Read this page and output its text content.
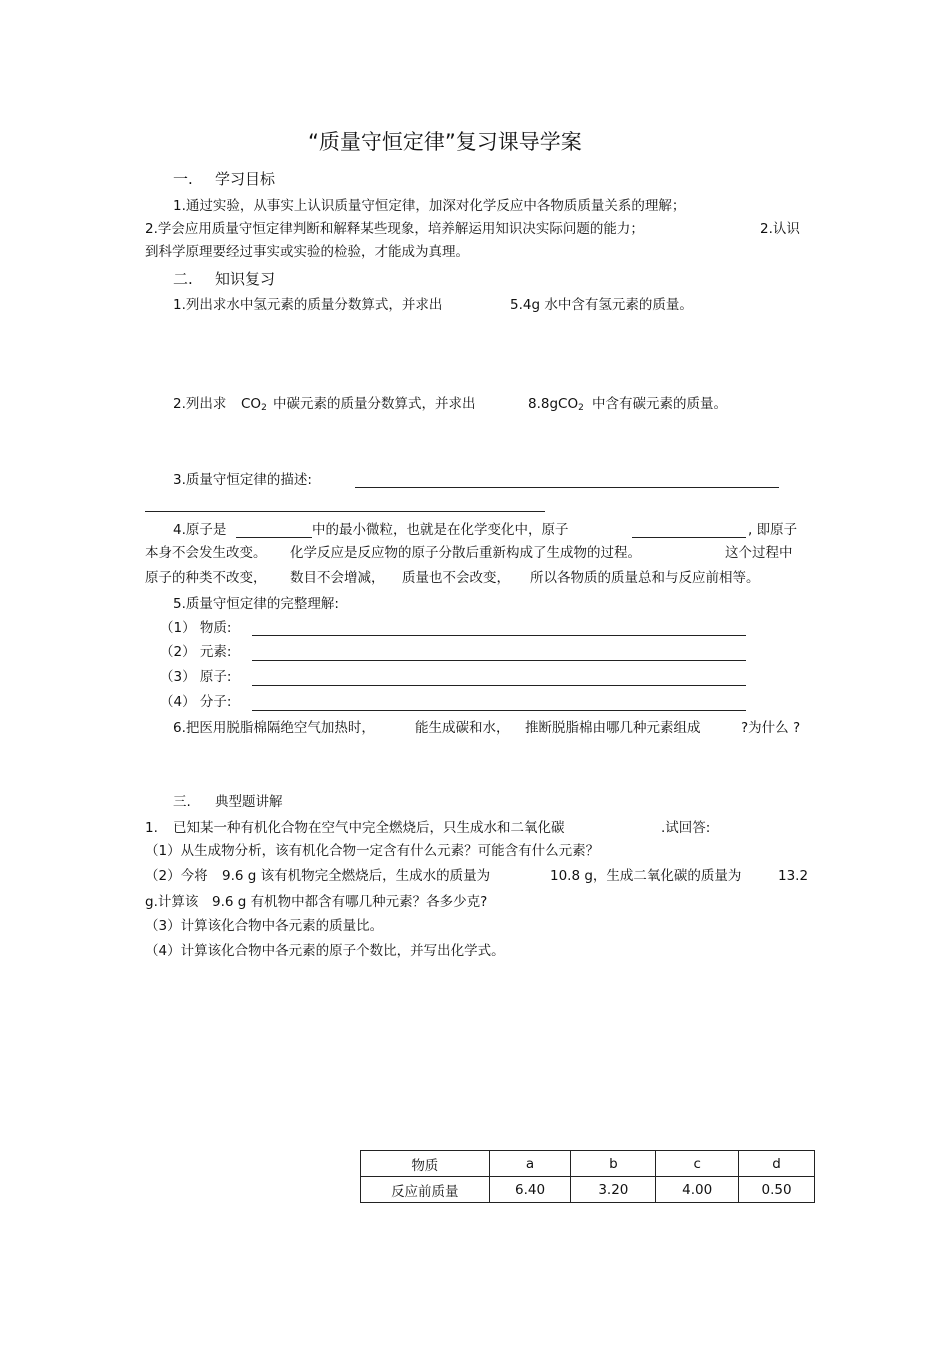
“质量守恒定律”复习课导学案
一. 学习目标
1.通过实验，从事实上认识质量守恒定律，加深对化学反应中各物质质量关系的理解；
2.学会应用质量守恒定律判断和解释某些现象，培养解运用知识决实际问题的能力；	2.认识
到科学原理要经过事实或实验的检验，才能成为真理。
二. 知识复习
1.列出求水中氢元素的质量分数算式，并求出	5.4g 水中含有氢元素的质量。
2.列出求 $CO_2$ 中碳元素的质量分数算式，并求出	8.8gCO$_2$ 中含有碳元素的质量。
3.质量守恒定律的描述:
4.原子是	中的最小微粒，也就是在化学变化中，原子	, 即原子
本身不会发生改变。 化学反应是反应物的原子分散后重新构成了生成物的过程。	这个过程中
原子的种类不改变， 数目不会增减， 质量也不会改变， 所以各物质的质量总和与反应前相等。
5.质量守恒定律的完整理解:
（1） 物质:
（2） 元素:
（3） 原子:
（4） 分子:
6.把医用脱脂棉隔绝空气加热时，	能生成碳和水， 推断脱脂棉由哪几种元素组成	?为什么 ?
三. 典型题讲解
1. 已知某一种有机化合物在空气中完全燃烧后，只生成水和二氧化碳	.试回答:
（1）从生成物分析，该有机化合物一定含有什么元素？可能含有什么元素？
（2）今将 9.6 g 该有机物完全燃烧后，生成水的质量为	10.8 g，生成二氧化碳的质量为	13.2
g.计算该 9.6 g 有机物中都含有哪几种元素？各多少克?
（3）计算该化合物中各元素的质量比。
（4）计算该化合物中各元素的原子个数比，并写出化学式。
物质	a	b	c	d
反应前质量	6.40	3.20	4.00	0.50
